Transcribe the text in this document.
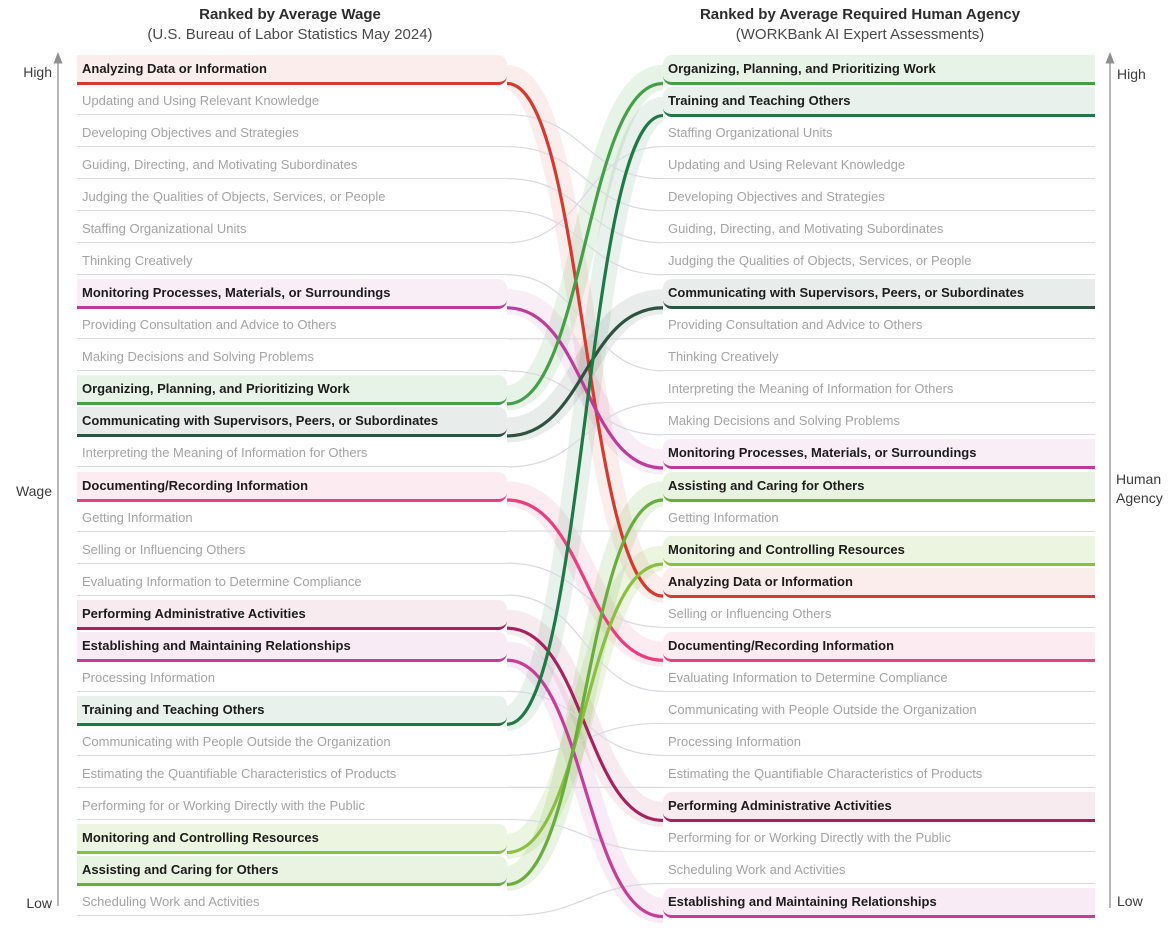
Ranked by Average Wage
(U.S. Bureau of Labor Statistics May 2024)
Ranked by Average Required Human Agency
(WORKBank AI Expert Assessments)
High
Wage
Low
High
Human Agency
Low
Analyzing Data or Information
Analyzing Data or Information
Updating and Using Relevant Knowledge
Updating and Using Relevant Knowledge
Developing Objectives and Strategies
Developing Objectives and Strategies
Guiding, Directing, and Motivating Subordinates
Guiding, Directing, and Motivating Subordinates
Judging the Qualities of Objects, Services, or People
Judging the Qualities of Objects, Services, or People
Staffing Organizational Units
Staffing Organizational Units
Thinking Creatively
Thinking Creatively
Monitoring Processes, Materials, or Surroundings
Monitoring Processes, Materials, or Surroundings
Providing Consultation and Advice to Others	Providing Consultation and Advice to Others
Making Decisions and Solving Problems
Making Decisions and Solving Problems
Organizing, Planning, and Prioritizing Work
Organizing, Planning, and Prioritizing Work
Communicating with Supervisors, Peers, or Subordinates
Communicating with Supervisors, Peers, or Subordinates
Interpreting the Meaning of Information for Others
Interpreting the Meaning of Information for Others
Documenting/Recording Information
Documenting/Recording Information
Getting Information	Getting Information
Selling or Influencing Others
Selling or Influencing Others
Evaluating Information to Determine Compliance
Evaluating Information to Determine Compliance
Performing Administrative Activities
Performing Administrative Activities
Establishing and Maintaining Relationships
Establishing and Maintaining Relationships
Processing Information
Processing Information
Training and Teaching Others
Training and Teaching Others
Communicating with People Outside the Organization
Communicating with People Outside the Organization
Estimating the Quantifiable Characteristics of Products	Estimating the Quantifiable Characteristics of Products
Performing for or Working Directly with the Public
Performing for or Working Directly with the Public
Monitoring and Controlling Resources
Monitoring and Controlling Resources
Assisting and Caring for Others
Assisting and Caring for Others
Scheduling Work and Activities
Scheduling Work and Activities
